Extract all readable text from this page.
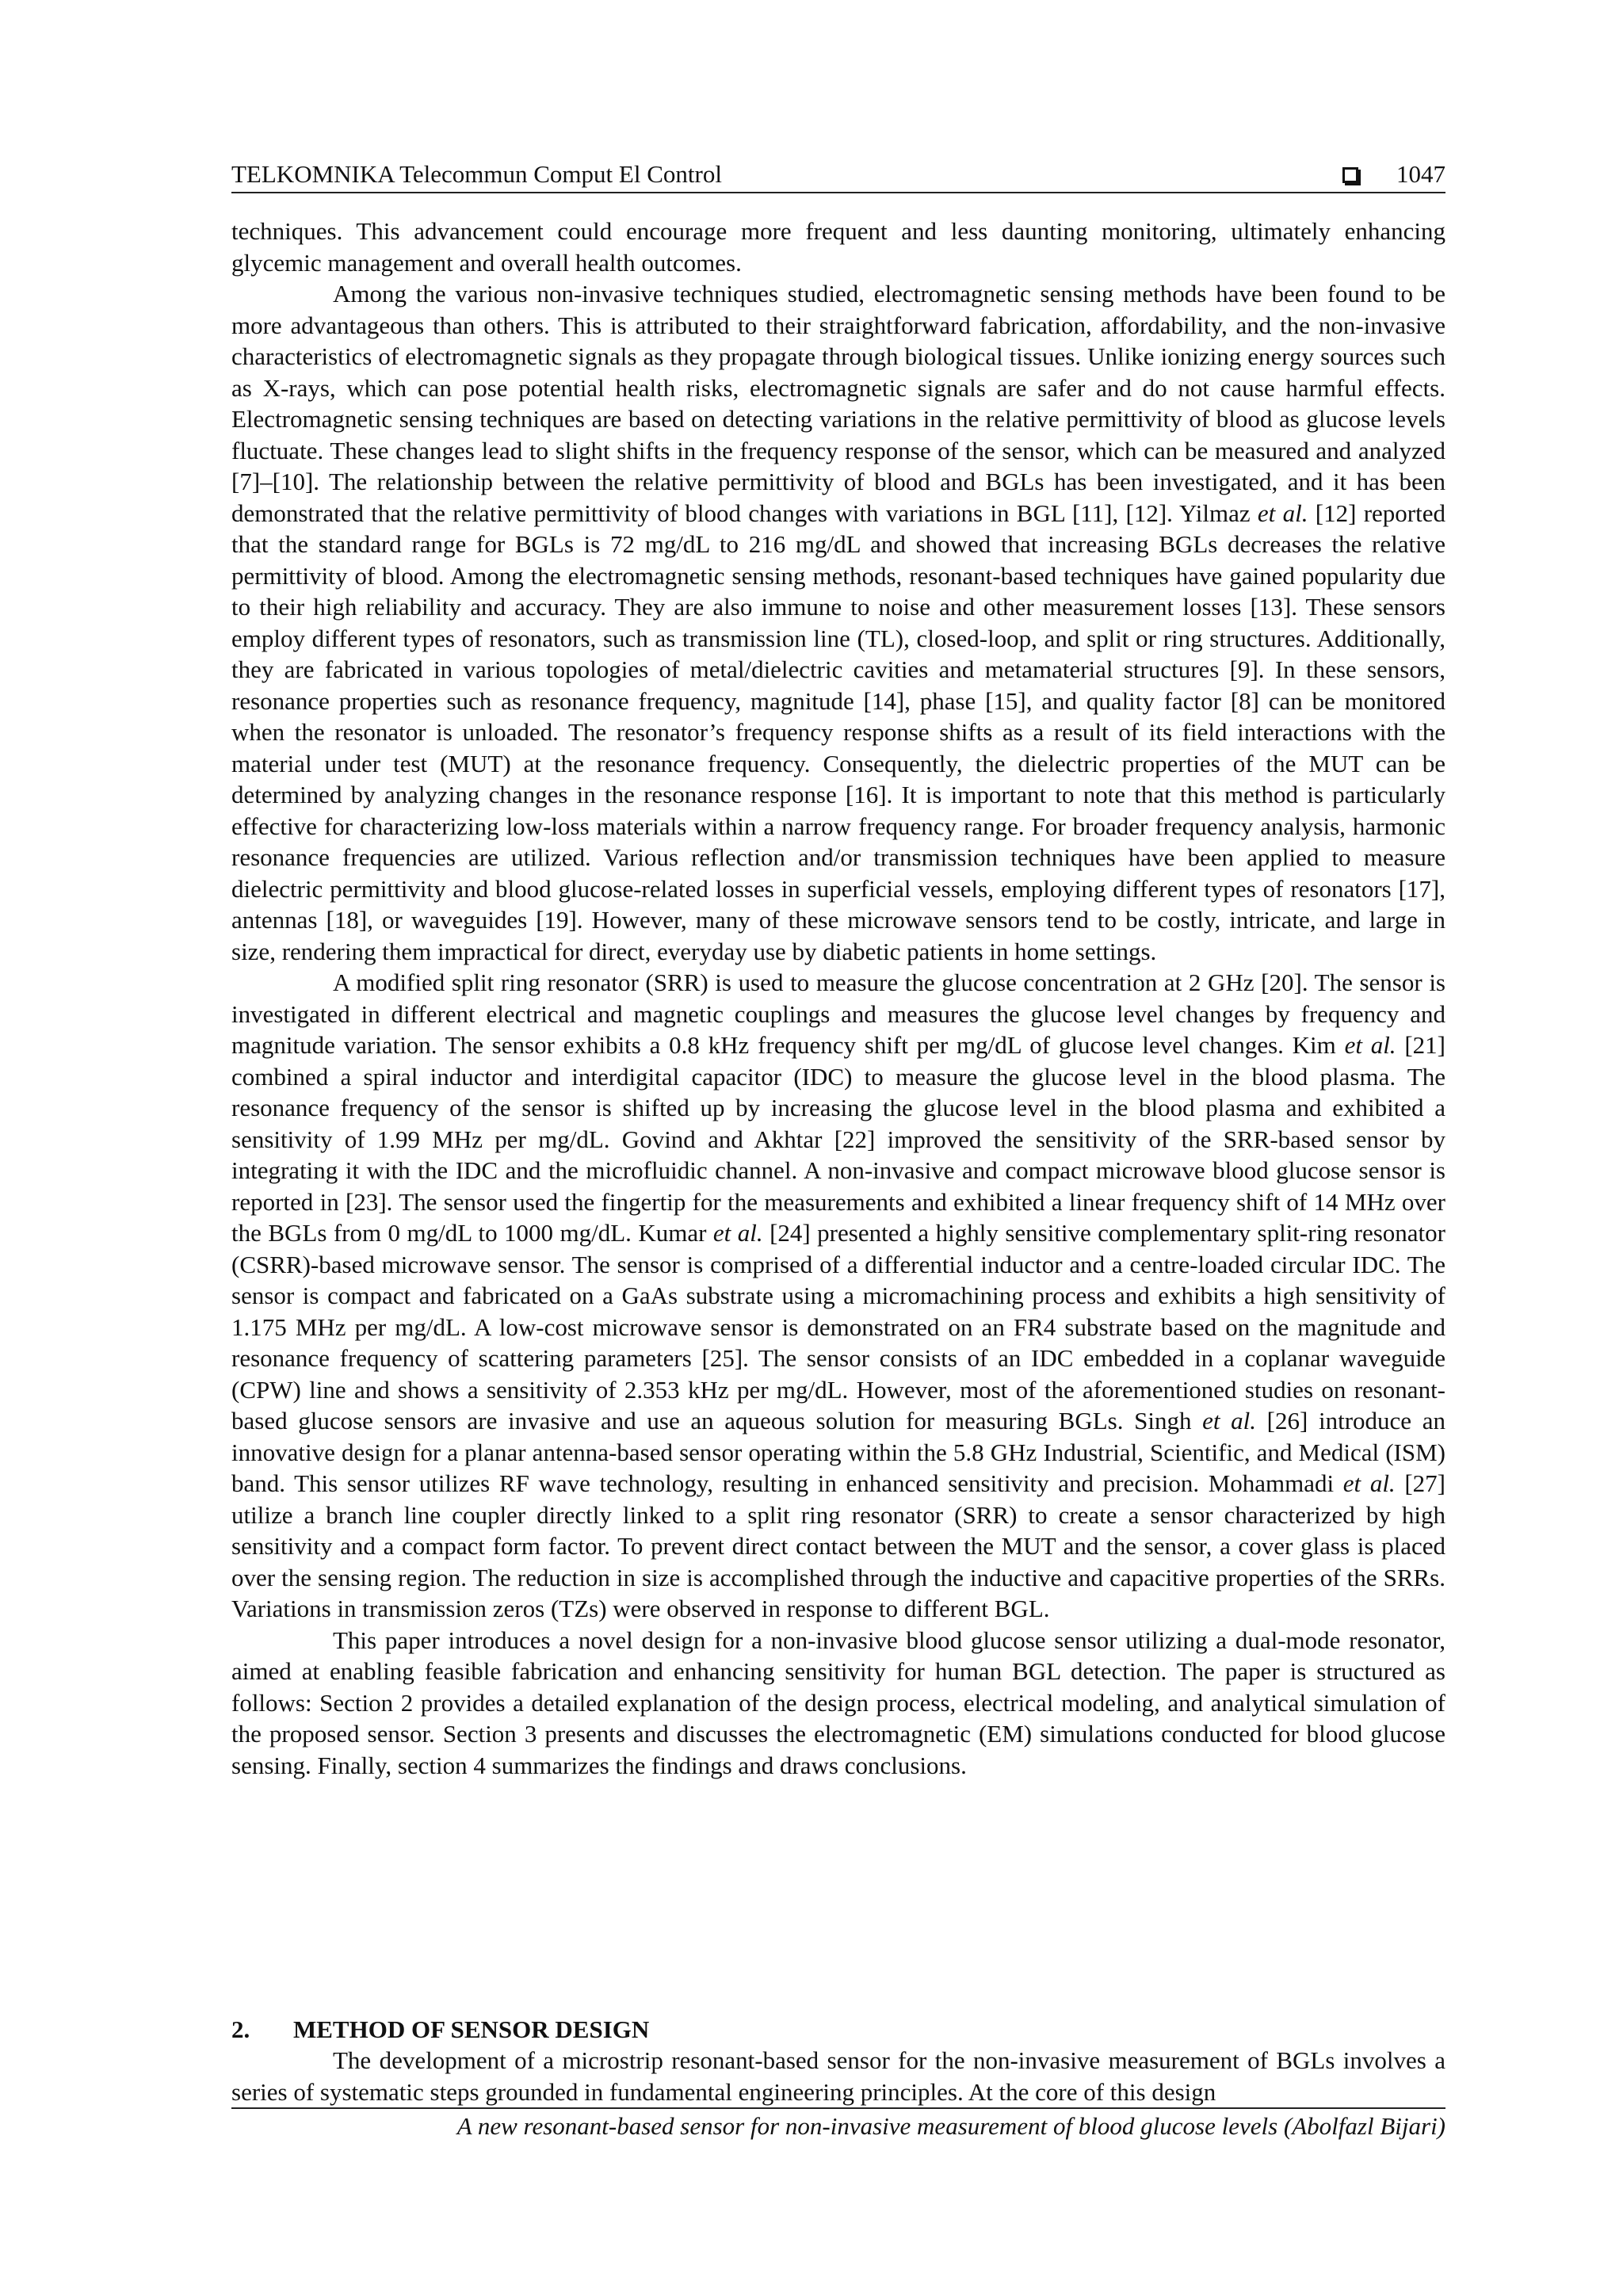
TELKOMNIKA Telecommun Comput El Control	1047

techniques. This advancement could encourage more frequent and less daunting monitoring, ultimately enhancing glycemic management and overall health outcomes.

Among the various non-invasive techniques studied, electromagnetic sensing methods have been found to be more advantageous than others. This is attributed to their straightforward fabrication, affordability, and the non-invasive characteristics of electromagnetic signals as they propagate through biological tissues. Unlike ionizing energy sources such as X-rays, which can pose potential health risks, electromagnetic signals are safer and do not cause harmful effects. Electromagnetic sensing techniques are based on detecting variations in the relative permittivity of blood as glucose levels fluctuate. These changes lead to slight shifts in the frequency response of the sensor, which can be measured and analyzed [7]–[10]. The relationship between the relative permittivity of blood and BGLs has been investigated, and it has been demonstrated that the relative permittivity of blood changes with variations in BGL [11], [12]. Yilmaz et al. [12] reported that the standard range for BGLs is 72 mg/dL to 216 mg/dL and showed that increasing BGLs decreases the relative permittivity of blood. Among the electromagnetic sensing methods, resonant-based techniques have gained popularity due to their high reliability and accuracy. They are also immune to noise and other measurement losses [13]. These sensors employ different types of resonators, such as transmission line (TL), closed-loop, and split or ring structures. Additionally, they are fabricated in various topologies of metal/dielectric cavities and metamaterial structures [9]. In these sensors, resonance properties such as resonance frequency, magnitude [14], phase [15], and quality factor [8] can be monitored when the resonator is unloaded. The resonator’s frequency response shifts as a result of its field interactions with the material under test (MUT) at the resonance frequency. Consequently, the dielectric properties of the MUT can be determined by analyzing changes in the resonance response [16]. It is important to note that this method is particularly effective for characterizing low-loss materials within a narrow frequency range. For broader frequency analysis, harmonic resonance frequencies are utilized. Various reflection and/or transmission techniques have been applied to measure dielectric permittivity and blood glucose-related losses in superficial vessels, employing different types of resonators [17], antennas [18], or waveguides [19]. However, many of these microwave sensors tend to be costly, intricate, and large in size, rendering them impractical for direct, everyday use by diabetic patients in home settings.

A modified split ring resonator (SRR) is used to measure the glucose concentration at 2 GHz [20]. The sensor is investigated in different electrical and magnetic couplings and measures the glucose level changes by frequency and magnitude variation. The sensor exhibits a 0.8 kHz frequency shift per mg/dL of glucose level changes. Kim et al. [21] combined a spiral inductor and interdigital capacitor (IDC) to measure the glucose level in the blood plasma. The resonance frequency of the sensor is shifted up by increasing the glucose level in the blood plasma and exhibited a sensitivity of 1.99 MHz per mg/dL. Govind and Akhtar [22] improved the sensitivity of the SRR-based sensor by integrating it with the IDC and the microfluidic channel. A non-invasive and compact microwave blood glucose sensor is reported in [23]. The sensor used the fingertip for the measurements and exhibited a linear frequency shift of 14 MHz over the BGLs from 0 mg/dL to 1000 mg/dL. Kumar et al. [24] presented a highly sensitive complementary split-ring resonator (CSRR)-based microwave sensor. The sensor is comprised of a differential inductor and a centre-loaded circular IDC. The sensor is compact and fabricated on a GaAs substrate using a micromachining process and exhibits a high sensitivity of 1.175 MHz per mg/dL. A low-cost microwave sensor is demonstrated on an FR4 substrate based on the magnitude and resonance frequency of scattering parameters [25]. The sensor consists of an IDC embedded in a coplanar waveguide (CPW) line and shows a sensitivity of 2.353 kHz per mg/dL. However, most of the aforementioned studies on resonant-based glucose sensors are invasive and use an aqueous solution for measuring BGLs. Singh et al. [26] introduce an innovative design for a planar antenna-based sensor operating within the 5.8 GHz Industrial, Scientific, and Medical (ISM) band. This sensor utilizes RF wave technology, resulting in enhanced sensitivity and precision. Mohammadi et al. [27] utilize a branch line coupler directly linked to a split ring resonator (SRR) to create a sensor characterized by high sensitivity and a compact form factor. To prevent direct contact between the MUT and the sensor, a cover glass is placed over the sensing region. The reduction in size is accomplished through the inductive and capacitive properties of the SRRs. Variations in transmission zeros (TZs) were observed in response to different BGL.

This paper introduces a novel design for a non-invasive blood glucose sensor utilizing a dual-mode resonator, aimed at enabling feasible fabrication and enhancing sensitivity for human BGL detection. The paper is structured as follows: Section 2 provides a detailed explanation of the design process, electrical modeling, and analytical simulation of the proposed sensor. Section 3 presents and discusses the electromagnetic (EM) simulations conducted for blood glucose sensing. Finally, section 4 summarizes the findings and draws conclusions.

2. METHOD OF SENSOR DESIGN

The development of a microstrip resonant-based sensor for the non-invasive measurement of BGLs involves a series of systematic steps grounded in fundamental engineering principles. At the core of this design

A new resonant-based sensor for non-invasive measurement of blood glucose levels (Abolfazl Bijari)
